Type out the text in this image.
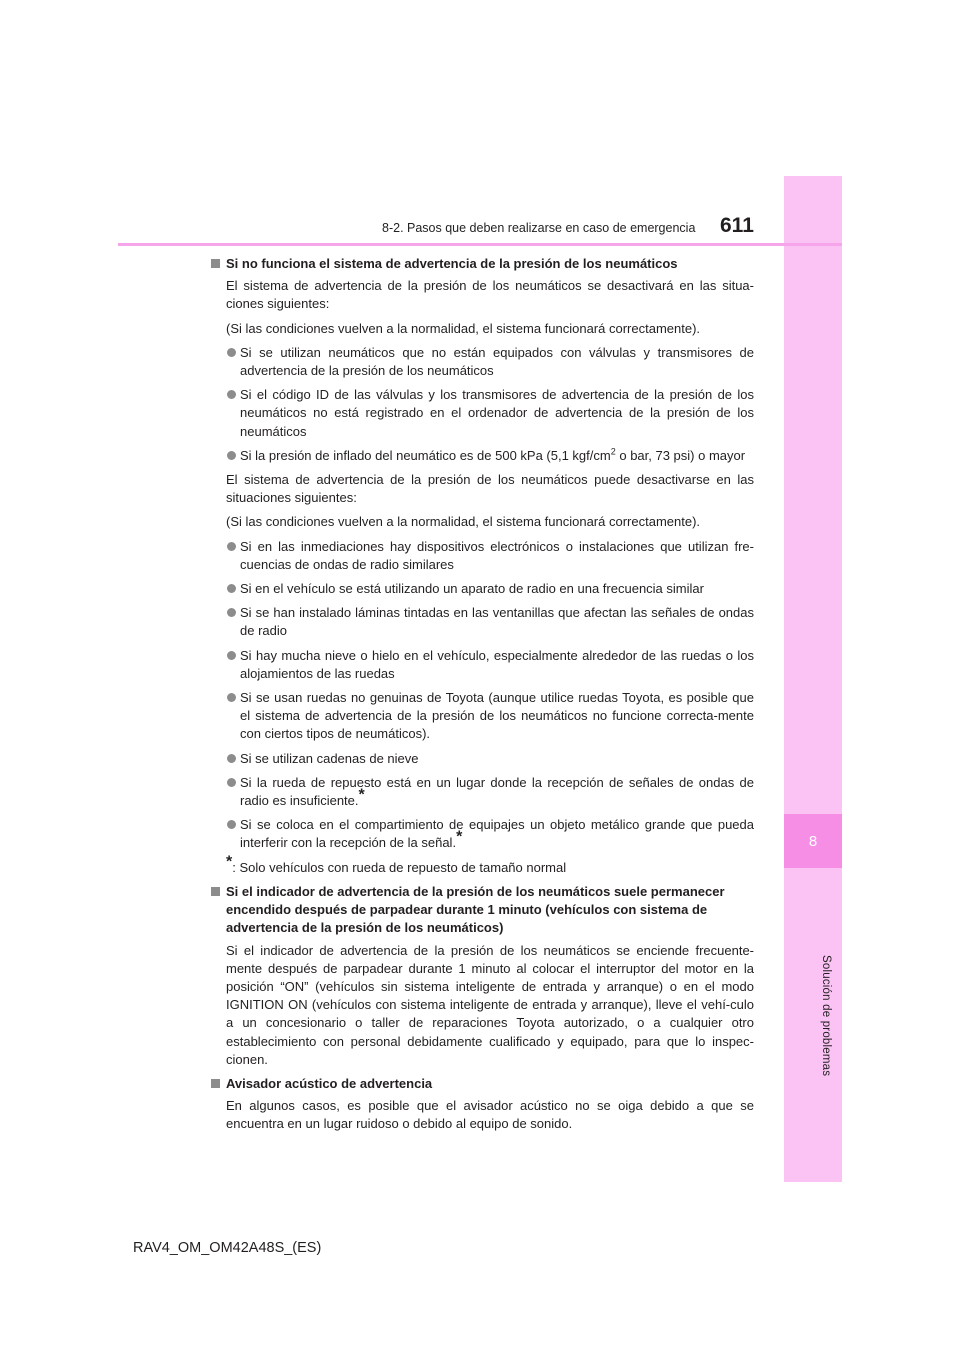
8
Solución de problemas
8-2. Pasos que deben realizarse en caso de emergencia 611
Si no funciona el sistema de advertencia de la presión de los neumáticos
El sistema de advertencia de la presión de los neumáticos se desactivará en las situa-ciones siguientes:
(Si las condiciones vuelven a la normalidad, el sistema funcionará correctamente).
Si se utilizan neumáticos que no están equipados con válvulas y transmisores de advertencia de la presión de los neumáticos
Si el código ID de las válvulas y los transmisores de advertencia de la presión de los neumáticos no está registrado en el ordenador de advertencia de la presión de los neumáticos
Si la presión de inflado del neumático es de 500 kPa (5,1 kgf/$cm^2$ o bar, 73 psi) o mayor
El sistema de advertencia de la presión de los neumáticos puede desactivarse en las situaciones siguientes:
(Si las condiciones vuelven a la normalidad, el sistema funcionará correctamente).
Si en las inmediaciones hay dispositivos electrónicos o instalaciones que utilizan fre-cuencias de ondas de radio similares
Si en el vehículo se está utilizando un aparato de radio en una frecuencia similar
Si se han instalado láminas tintadas en las ventanillas que afectan las señales de ondas de radio
Si hay mucha nieve o hielo en el vehículo, especialmente alrededor de las ruedas o los alojamientos de las ruedas
Si se usan ruedas no genuinas de Toyota (aunque utilice ruedas Toyota, es posible que el sistema de advertencia de la presión de los neumáticos no funcione correcta-mente con ciertos tipos de neumáticos).
Si se utilizan cadenas de nieve
Si la rueda de repuesto está en un lugar donde la recepción de señales de ondas de radio es insuficiente.*
Si se coloca en el compartimiento de equipajes un objeto metálico grande que pueda interferir con la recepción de la señal.*
*: Solo vehículos con rueda de repuesto de tamaño normal
Si el indicador de advertencia de la presión de los neumáticos suele permanecer encendido después de parpadear durante 1 minuto (vehículos con sistema de advertencia de la presión de los neumáticos)
Si el indicador de advertencia de la presión de los neumáticos se enciende frecuente-mente después de parpadear durante 1 minuto al colocar el interruptor del motor en la posición “ON” (vehículos sin sistema inteligente de entrada y arranque) o en el modo IGNITION ON (vehículos con sistema inteligente de entrada y arranque), lleve el vehí-culo a un concesionario o taller de reparaciones Toyota autorizado, o a cualquier otro establecimiento con personal debidamente cualificado y equipado, para que lo inspec-cionen.
Avisador acústico de advertencia
En algunos casos, es posible que el avisador acústico no se oiga debido a que se encuentra en un lugar ruidoso o debido al equipo de sonido.
RAV4_OM_OM42A48S_(ES)
